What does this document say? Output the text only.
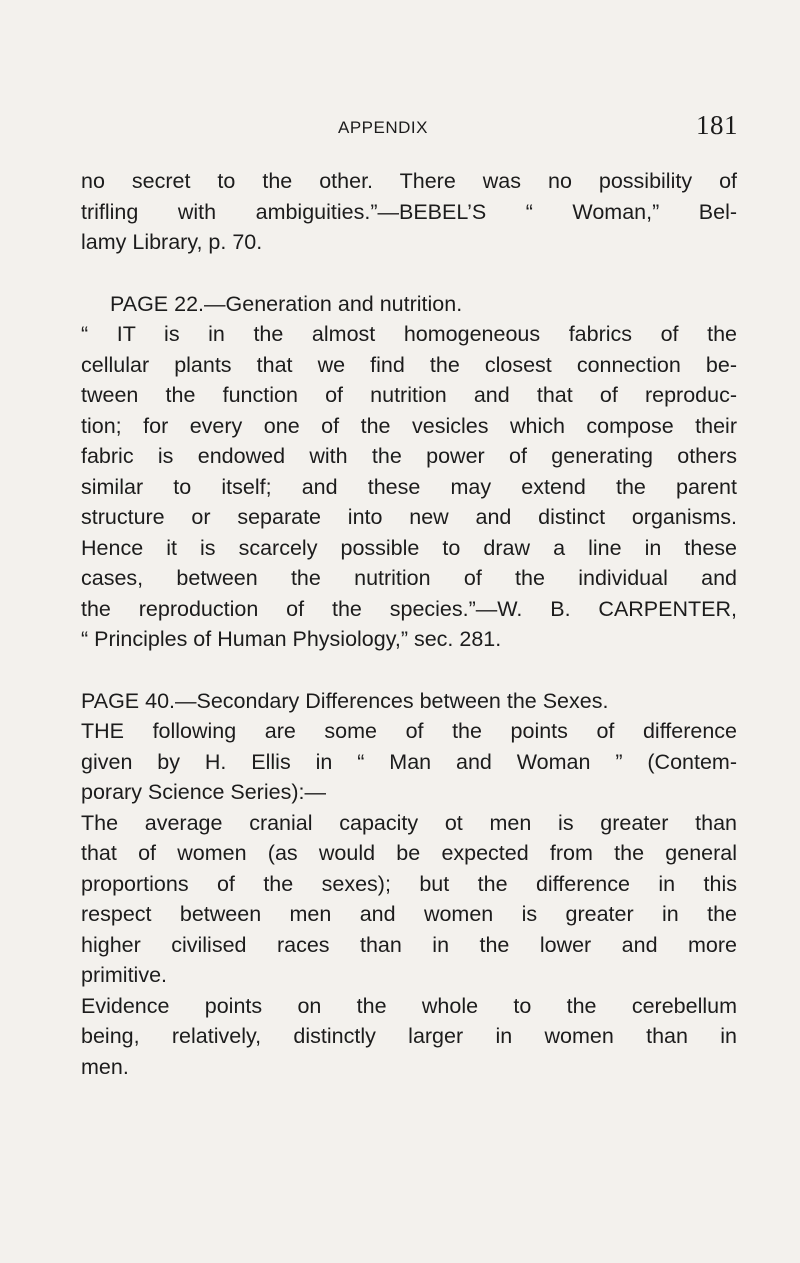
APPENDIX	181
no secret to the other. There was no possibility of
trifling with ambiguities.”—BEBEL’S “ Woman,” Bel-
lamy Library, p. 70.
PAGE 22.—Generation and nutrition.
“ IT is in the almost homogeneous fabrics of the
cellular plants that we find the closest connection be-
tween the function of nutrition and that of reproduc-
tion; for every one of the vesicles which compose their
fabric is endowed with the power of generating others
similar to itself; and these may extend the parent
structure or separate into new and distinct organisms.
Hence it is scarcely possible to draw a line in these
cases, between the nutrition of the individual and
the reproduction of the species.”—W. B. CARPENTER,
“ Principles of Human Physiology,” sec. 281.
PAGE 40.—Secondary Differences between the Sexes.
THE following are some of the points of difference
given by H. Ellis in “ Man and Woman ” (Contem-
porary Science Series):—
The average cranial capacity ot men is greater than
that of women (as would be expected from the general
proportions of the sexes); but the difference in this
respect between men and women is greater in the
higher civilised races than in the lower and more
primitive.
Evidence points on the whole to the cerebellum
being, relatively, distinctly larger in women than in
men.
